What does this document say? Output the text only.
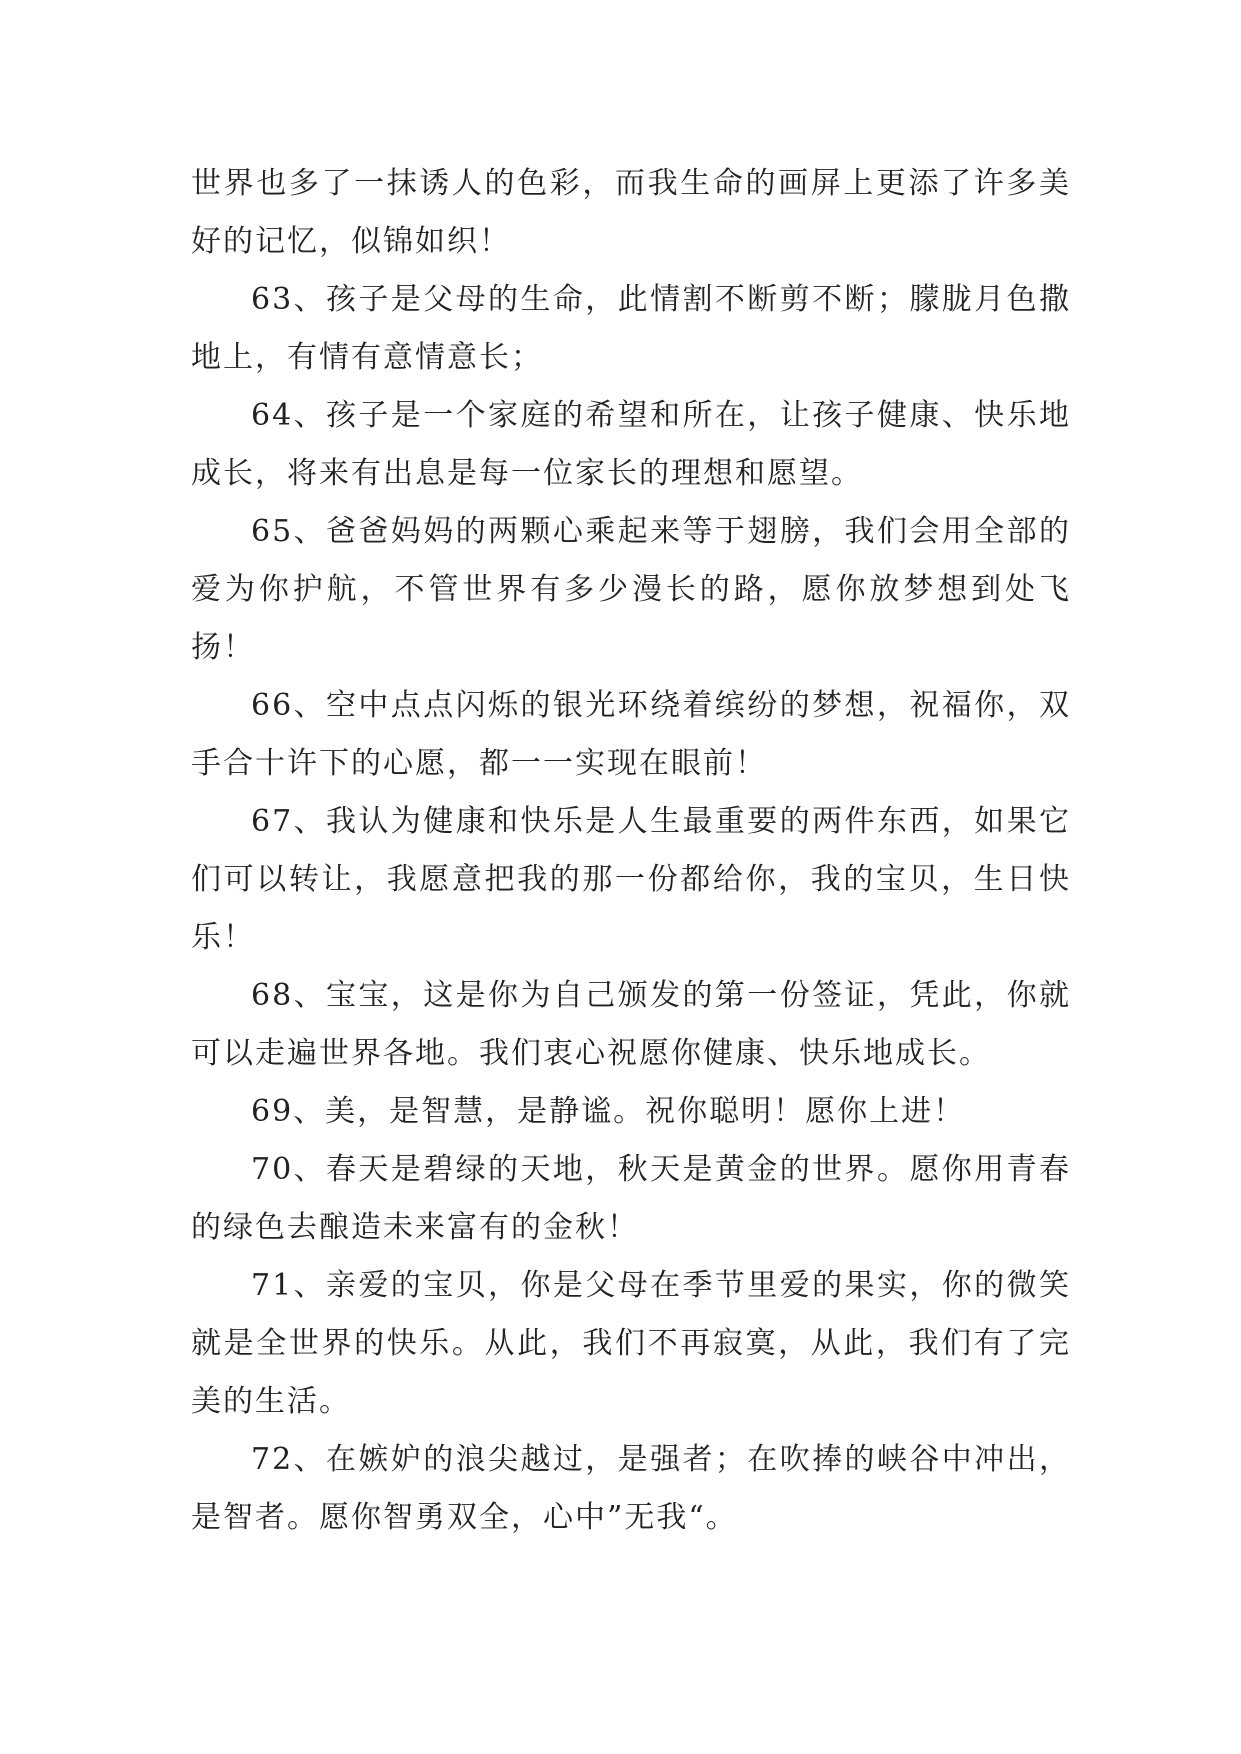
世界也多了一抹诱人的色彩，而我生命的画屏上更添了许多美好的记忆，似锦如织！

63、孩子是父母的生命，此情割不断剪不断；朦胧月色撒地上，有情有意情意长；

64、孩子是一个家庭的希望和所在，让孩子健康、快乐地成长，将来有出息是每一位家长的理想和愿望。

65、爸爸妈妈的两颗心乘起来等于翅膀，我们会用全部的爱为你护航，不管世界有多少漫长的路，愿你放梦想到处飞扬！

66、空中点点闪烁的银光环绕着缤纷的梦想，祝福你，双手合十许下的心愿，都一一实现在眼前！

67、我认为健康和快乐是人生最重要的两件东西，如果它们可以转让，我愿意把我的那一份都给你，我的宝贝，生日快乐！

68、宝宝，这是你为自己颁发的第一份签证，凭此，你就可以走遍世界各地。我们衷心祝愿你健康、快乐地成长。

69、美，是智慧，是静谧。祝你聪明！愿你上进！

70、春天是碧绿的天地，秋天是黄金的世界。愿你用青春的绿色去酿造未来富有的金秋！

71、亲爱的宝贝，你是父母在季节里爱的果实，你的微笑就是全世界的快乐。从此，我们不再寂寞，从此，我们有了完美的生活。

72、在嫉妒的浪尖越过，是强者；在吹捧的峡谷中冲出，是智者。愿你智勇双全，心中”无我“。
